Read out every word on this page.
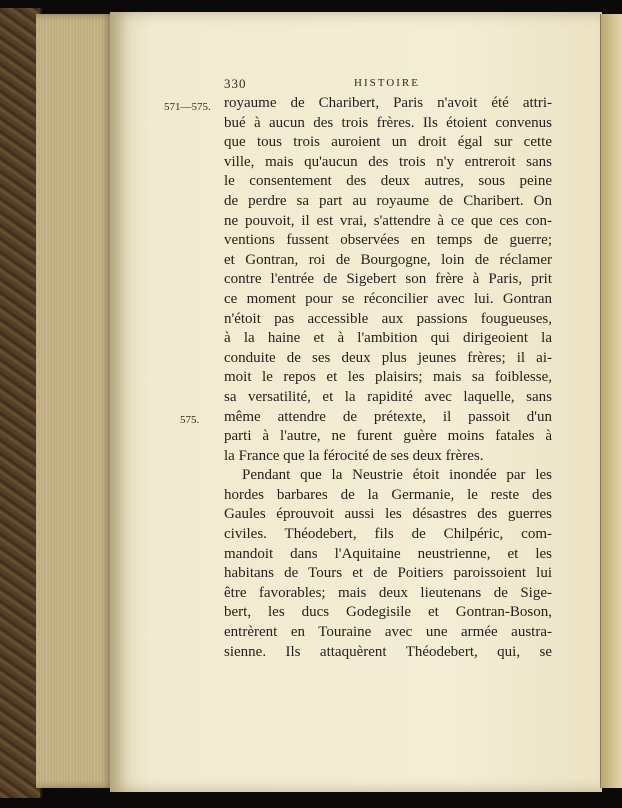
330	HISTOIRE
571—575.
575.
royaume de Charibert, Paris n'avoit été attri-
bué à aucun des trois frères. Ils étoient convenus
que tous trois auroient un droit égal sur cette
ville, mais qu'aucun des trois n'y entreroit sans
le consentement des deux autres, sous peine
de perdre sa part au royaume de Charibert. On
ne pouvoit, il est vrai, s'attendre à ce que ces con-
ventions fussent observées en temps de guerre;
et Gontran, roi de Bourgogne, loin de réclamer
contre l'entrée de Sigebert son frère à Paris, prit
ce moment pour se réconcilier avec lui. Gontran
n'étoit pas accessible aux passions fougueuses,
à la haine et à l'ambition qui dirigeoient la
conduite de ses deux plus jeunes frères; il ai-
moit le repos et les plaisirs; mais sa foiblesse,
sa versatilité, et la rapidité avec laquelle, sans
même attendre de prétexte, il passoit d'un
parti à l'autre, ne furent guère moins fatales à
la France que la férocité de ses deux frères.
Pendant que la Neustrie étoit inondée par les
hordes barbares de la Germanie, le reste des
Gaules éprouvoit aussi les désastres des guerres
civiles. Théodebert, fils de Chilpéric, com-
mandoit dans l'Aquitaine neustrienne, et les
habitans de Tours et de Poitiers paroissoient lui
être favorables; mais deux lieutenans de Sige-
bert, les ducs Godegisile et Gontran-Boson,
entrèrent en Touraine avec une armée austra-
sienne. Ils attaquèrent Théodebert, qui, se
